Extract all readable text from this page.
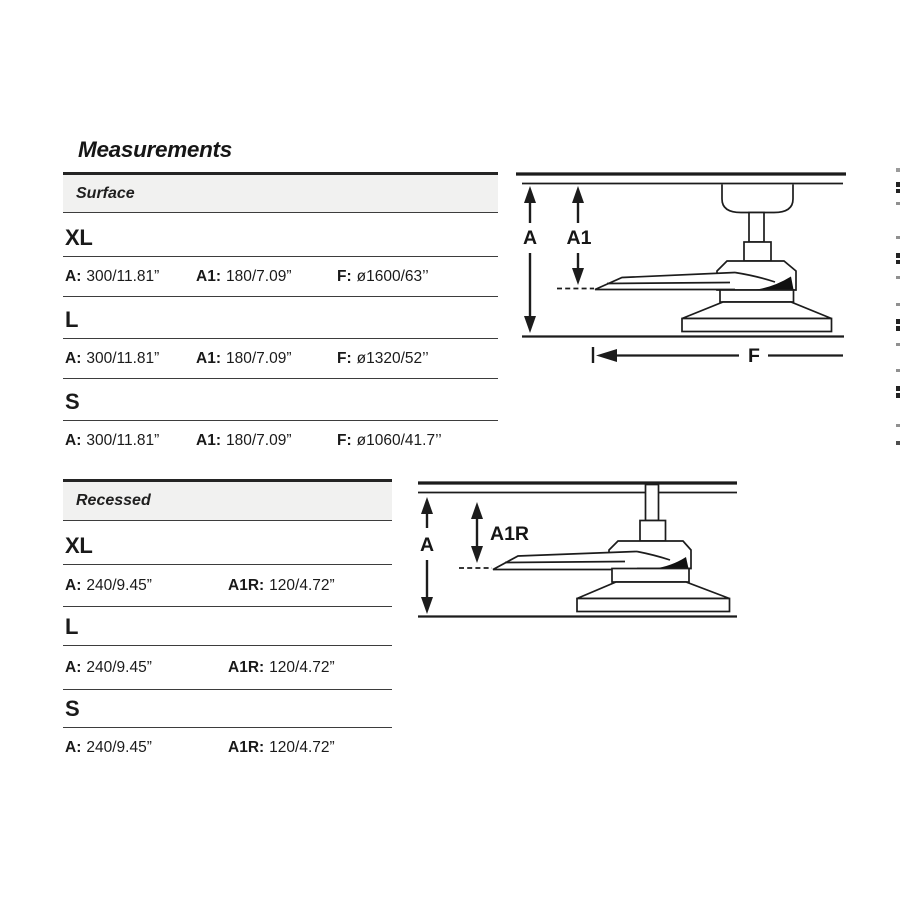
Measurements
Surface
XL
A: 300/11.81”	A1: 180/7.09”	F: ø1600/63’’
L
A: 300/11.81”	A1: 180/7.09”	F: ø1320/52’’
S
A: 300/11.81”	A1: 180/7.09”	F: ø1060/41.7’’
Recessed
XL
A: 240/9.45”	A1R: 120/4.72”
L
A: 240/9.45”	A1R: 120/4.72”
S
A: 240/9.45”	A1R: 120/4.72”
A A1
F
A	A1R
